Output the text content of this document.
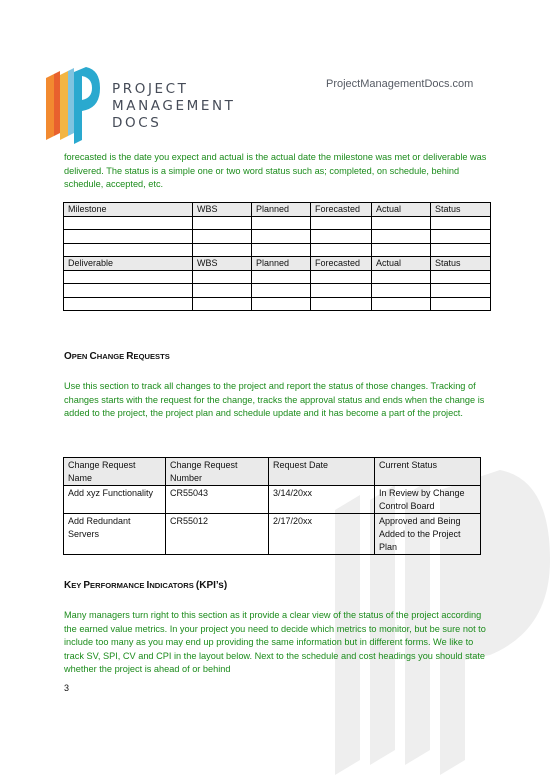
PROJECT
MANAGEMENT
DOCS
ProjectManagementDocs.com
forecasted is the date you expect and actual is the actual date the milestone was met or deliverable was delivered. The status is a simple one or two word status such as; completed, on schedule, behind schedule, accepted, etc.
Milestone	WBS	Planned	Forecasted	Actual	Status

Deliverable	WBS	Planned	Forecasted	Actual	Status

OPEN CHANGE REQUESTS
Use this section to track all changes to the project and report the status of those changes. Tracking of changes starts with the request for the change, tracks the approval status and ends when the change is added to the project, the project plan and schedule update and it has become a part of the project.
Change Request Name	Change Request Number	Request Date	Current Status
Add xyz Functionality	CR55043	3/14/20xx	In Review by Change Control Board
Add Redundant Servers	CR55012	2/17/20xx	Approved and Being Added to the Project Plan
KEY PERFORMANCE INDICATORS (KPI’s)
Many managers turn right to this section as it provide a clear view of the status of the project according the earned value metrics. In your project you need to decide which metrics to monitor, but be sure not to include too many as you may end up providing the same information but in different forms. We like to track SV, SPI, CV and CPI in the layout below. Next to the schedule and cost headings you should state whether the project is ahead of or behind
3
